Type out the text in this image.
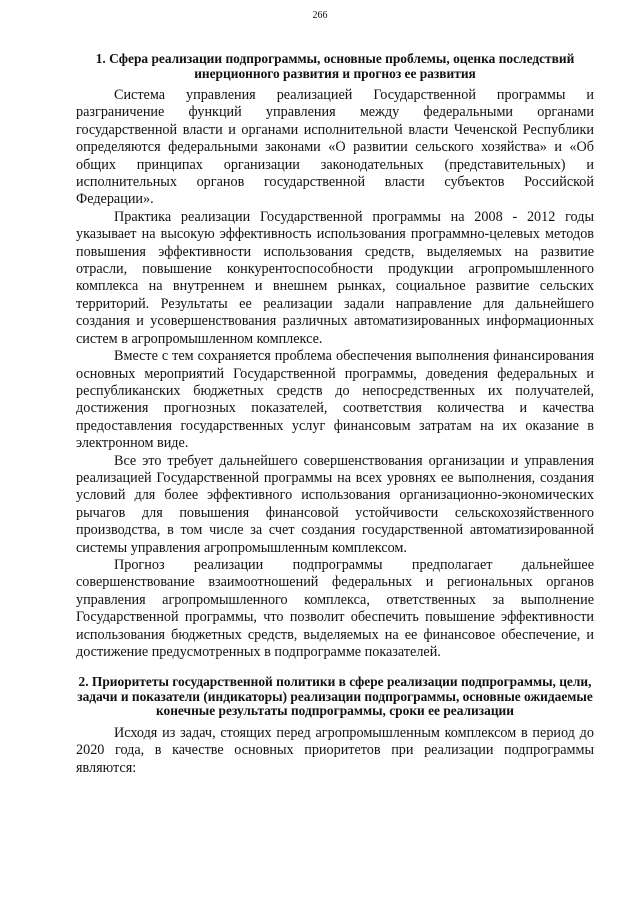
266
1. Сфера реализации подпрограммы, основные проблемы, оценка последствий инерционного развития и прогноз ее развития

Система управления реализацией Государственной программы и разграничение функций управления между федеральными органами государственной власти и органами исполнительной власти Чеченской Республики определяются федеральными законами «О развитии сельского хозяйства» и «Об общих принципах организации законодательных (представительных) и исполнительных органов государственной власти субъектов Российской Федерации».

Практика реализации Государственной программы на 2008 - 2012 годы указывает на высокую эффективность использования программно-целевых методов повышения эффективности использования средств, выделяемых на развитие отрасли, повышение конкурентоспособности продукции агропромышленного комплекса на внутреннем и внешнем рынках, социальное развитие сельских территорий. Результаты ее реализации задали направление для дальнейшего создания и усовершенствования различных автоматизированных информационных систем в агропромышленном комплексе.

Вместе с тем сохраняется проблема обеспечения выполнения финансирования основных мероприятий Государственной программы, доведения федеральных и республиканских бюджетных средств до непосредственных их получателей, достижения прогнозных показателей, соответствия количества и качества предоставления государственных услуг финансовым затратам на их оказание в электронном виде.

Все это требует дальнейшего совершенствования организации и управления реализацией Государственной программы на всех уровнях ее выполнения, создания условий для более эффективного использования организационно-экономических рычагов для повышения финансовой устойчивости сельскохозяйственного производства, в том числе за счет создания государственной автоматизированной системы управления агропромышленным комплексом.

Прогноз реализации подпрограммы предполагает дальнейшее совершенствование взаимоотношений федеральных и региональных органов управления агропромышленного комплекса, ответственных за выполнение Государственной программы, что позволит обеспечить повышение эффективности использования бюджетных средств, выделяемых на ее финансовое обеспечение, и достижение предусмотренных в подпрограмме показателей.

2. Приоритеты государственной политики в сфере реализации подпрограммы, цели, задачи и показатели (индикаторы) реализации подпрограммы, основные ожидаемые конечные результаты подпрограммы, сроки ее реализации

Исходя из задач, стоящих перед агропромышленным комплексом в период до 2020 года, в качестве основных приоритетов при реализации подпрограммы являются:
